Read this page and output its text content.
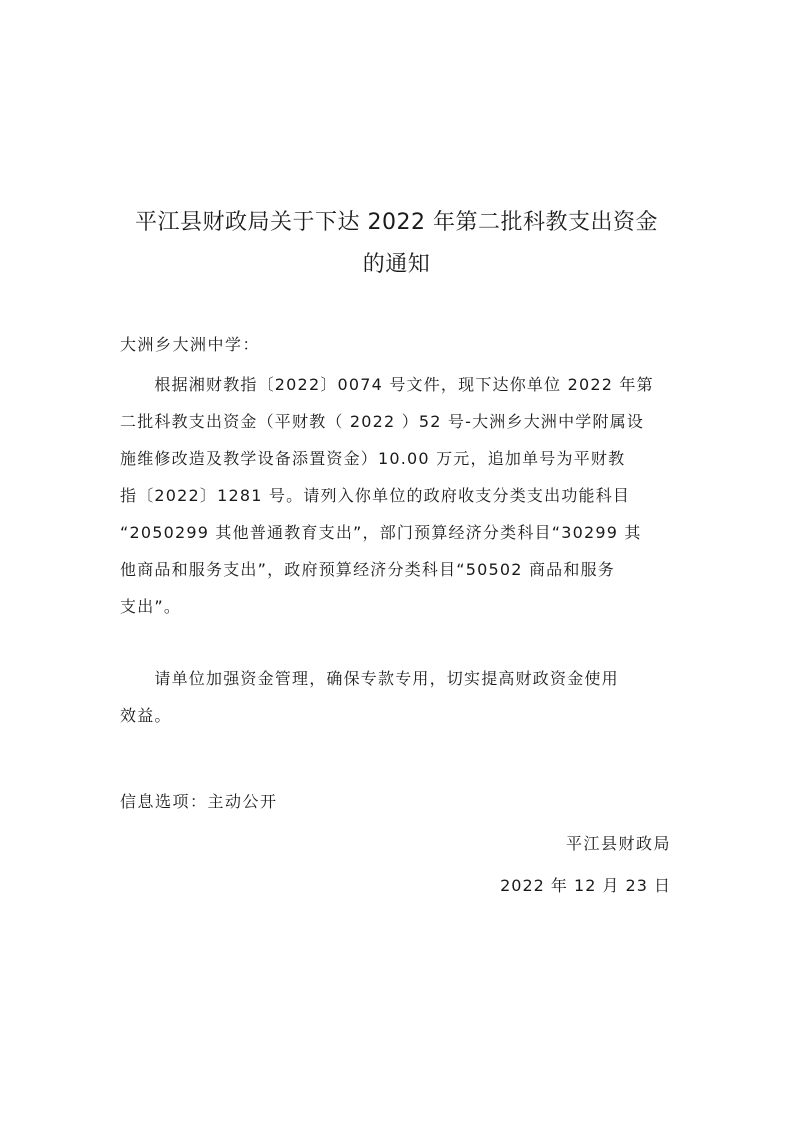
平江县财政局关于下达 2022 年第二批科教支出资金
的通知
大洲乡大洲中学：
　　根据湘财教指〔2022〕0074 号文件，现下达你单位 2022 年第
二批科教支出资金（平财教（ 2022 ）52 号-大洲乡大洲中学附属设
施维修改造及教学设备添置资金）10.00 万元，追加单号为平财教
指〔2022〕1281 号。请列入你单位的政府收支分类支出功能科目
“2050299 其他普通教育支出”，部门预算经济分类科目“30299 其
他商品和服务支出”，政府预算经济分类科目“50502 商品和服务
支出”。
　　请单位加强资金管理，确保专款专用，切实提高财政资金使用
效益。
信息选项：主动公开
平江县财政局
2022 年 12 月 23 日
